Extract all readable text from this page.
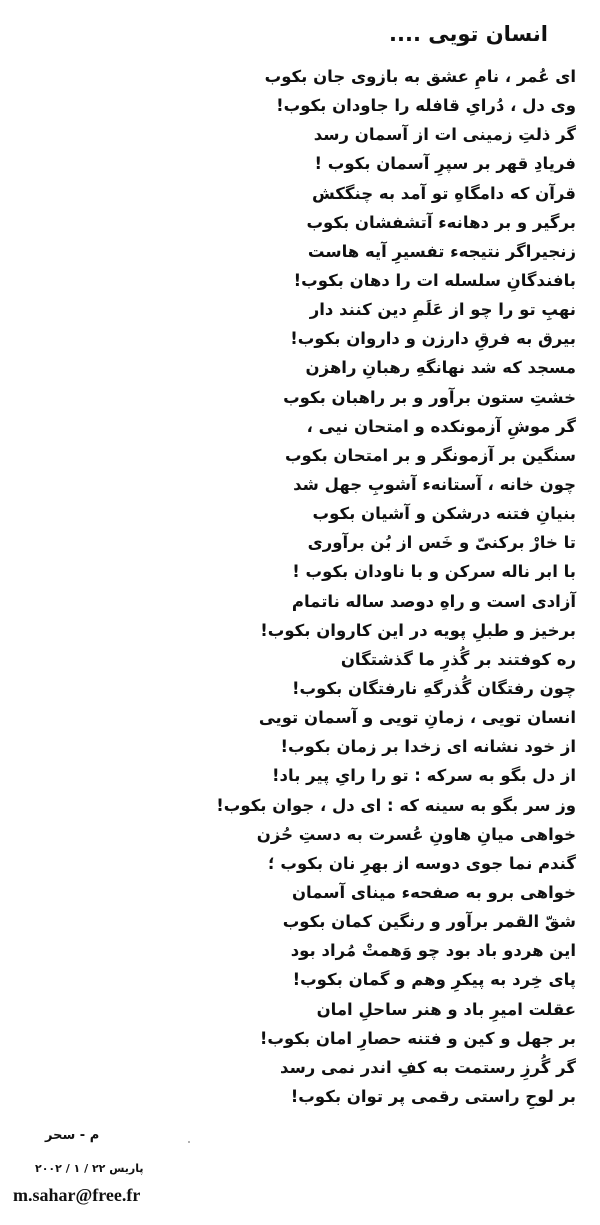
انسان تویی ....
ای عُمر ، نامِ عشق به بازوی جان بکوب
وی دل ، دُرایِ قافله را جاودان بکوب!
گر ذلتِ زمینی ات از آسمان رسد
فریادِ قهر بر سپرِ آسمان بکوب !
قرآن که دامگاهِ تو آمد به چنگکش
برگیر و بر دهانهء آتشفشان بکوب
زنجیراگر نتیجهء تفسیرِ آیه هاست
بافندگانِ سلسله ات را دهان بکوب!
نهبِ تو را چو از عَلَمِ دین کنند دار
بیرق به فرقِ دارزن و داروان بکوب!
مسجد که شد نهانگهِ رهبانِ راهزن
خشتِ ستون برآور و بر راهبان بکوب
گر موشِ آزمونکده و امتحان نیی ،
سنگین بر آزمونگر و بر امتحان بکوب
چون خانه ، آستانهء آشوبِ جهل شد
بنیانِ فتنه درشکن و آشیان بکوب
تا خارْ برکنیّ و خَس از بُن برآوری
با ابر ناله سرکن و با ناودان بکوب !
آزادی است و راهِ دوصد ساله ناتمام
برخیز و طبلِ پویه در این کاروان بکوب!
ره کوفتند بر گُذرِ ما گذشتگان
چون رفتگان گُذرگهِ نارفتگان بکوب!
انسان تویی ، زمانِ تویی و آسمان تویی
از خود نشانه ای زخدا بر زمان بکوب!
از دل بگو به سرکه : تو را رایِ پیر باد!
وز سر بگو به سینه که : ای دل ، جوان بکوب!
خواهی میانِ هاونِ عُسرت به دستِ حُزن
گندم نما جوی دوسه از بهرِ نان بکوب ؛
خواهی برو به صفحهء مینای آسمان
شقّ القمر برآور و رنگین کمان بکوب
این هردو باد بود چو وَهمتْ مُراد بود
پای خِرد به پیکرِ وهم و گمان بکوب!
عقلت امیرِ باد و هنر ساحلِ امان
بر جهل و کین و فتنه حصارِ امان بکوب!
گر گُرزِ رستمت به کفِ اندر نمی رسد
بر لوحِ راستی رقمی پر توان بکوب!
م - سحر
پاریس ۲۲ / ۱ / ۲۰۰۲
m.sahar@free.fr
